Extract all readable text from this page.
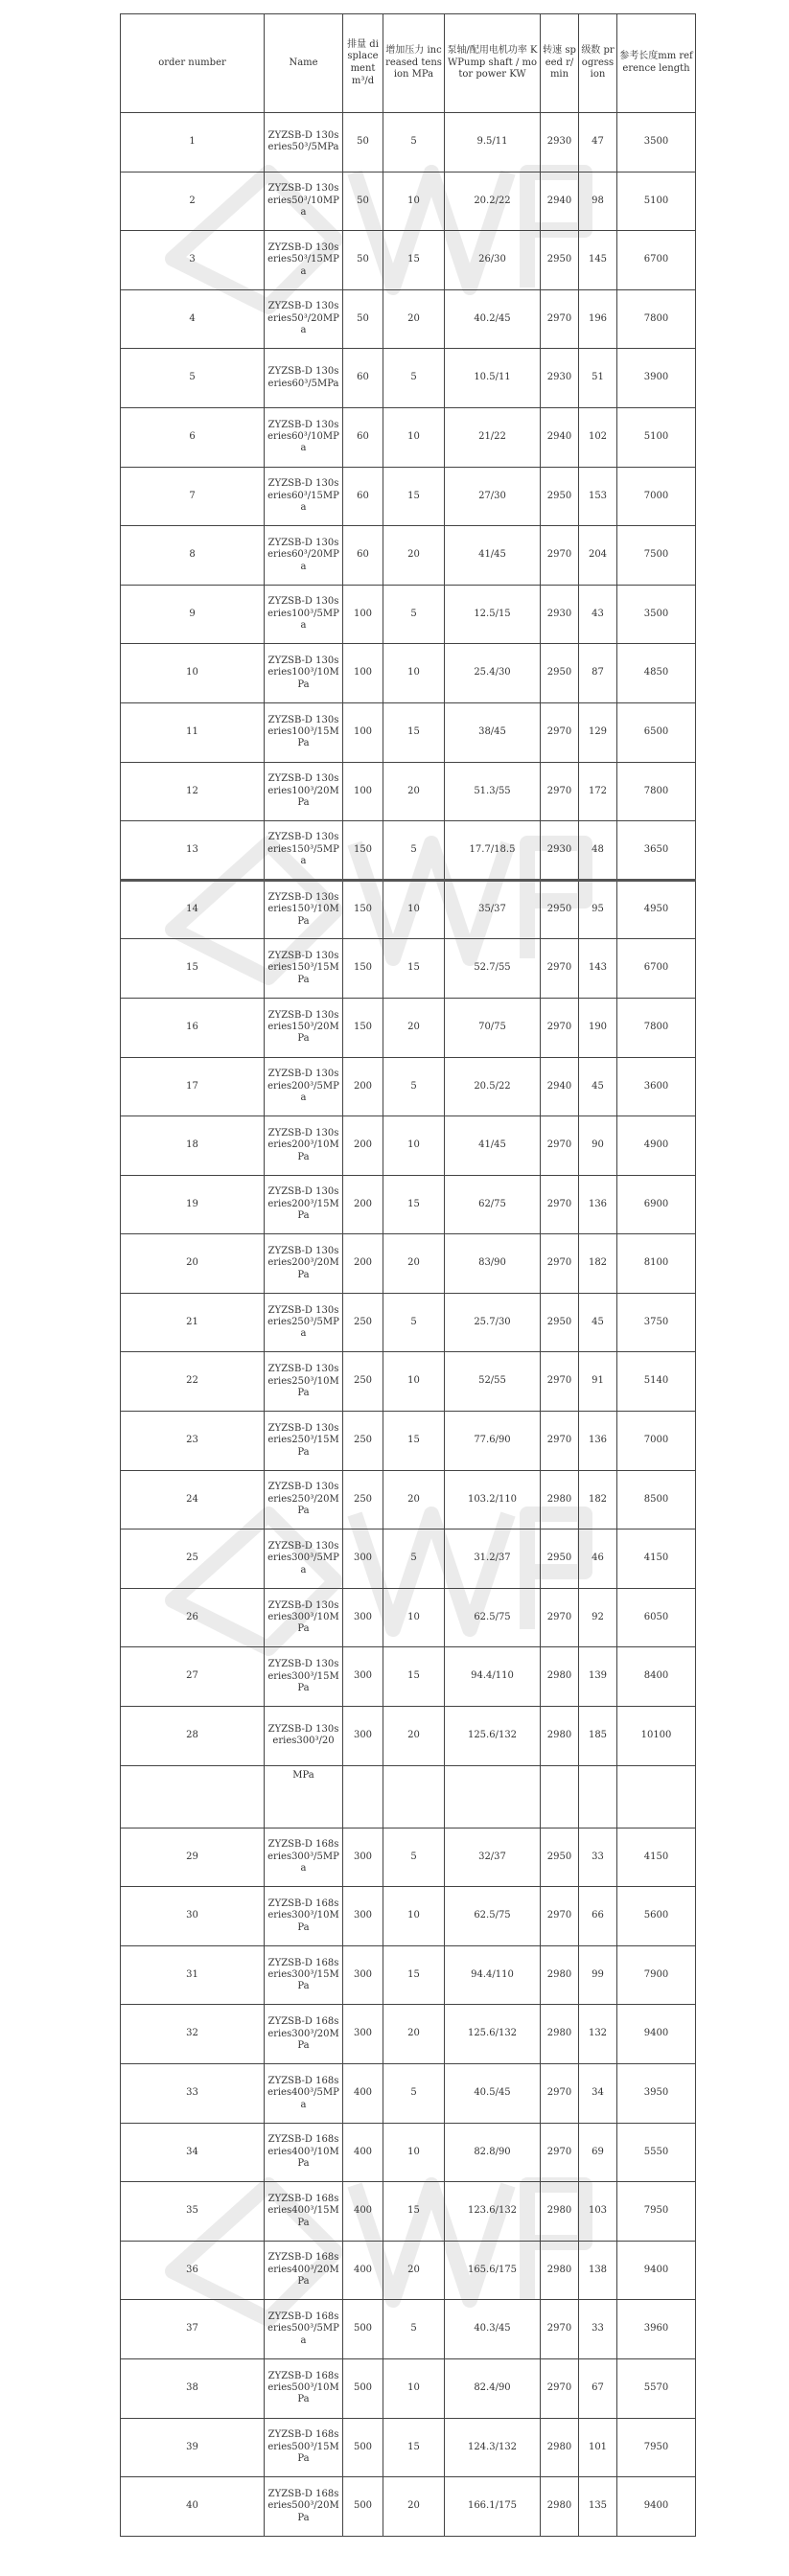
order number	Name	排量 displacement m³/d	增加压力 increased tension MPa	泵轴/配用电机功率 KWPump shaft / motor power KW	转速 speed r/min	级数 progression	参考长度mm reference length
1	ZYZSB-D 130series50³/5MPa	50	5	9.5/11	2930	47	3500
2	ZYZSB-D 130series50³/10MPa	50	10	20.2/22	2940	98	5100
3	ZYZSB-D 130series50³/15MPa	50	15	26/30	2950	145	6700
4	ZYZSB-D 130series50³/20MPa	50	20	40.2/45	2970	196	7800
5	ZYZSB-D 130series60³/5MPa	60	5	10.5/11	2930	51	3900
6	ZYZSB-D 130series60³/10MPa	60	10	21/22	2940	102	5100
7	ZYZSB-D 130series60³/15MPa	60	15	27/30	2950	153	7000
8	ZYZSB-D 130series60³/20MPa	60	20	41/45	2970	204	7500
9	ZYZSB-D 130series100³/5MPa	100	5	12.5/15	2930	43	3500
10	ZYZSB-D 130series100³/10MPa	100	10	25.4/30	2950	87	4850
11	ZYZSB-D 130series100³/15MPa	100	15	38/45	2970	129	6500
12	ZYZSB-D 130series100³/20MPa	100	20	51.3/55	2970	172	7800
13	ZYZSB-D 130series150³/5MPa	150	5	17.7/18.5	2930	48	3650
14	ZYZSB-D 130series150³/10MPa	150	10	35/37	2950	95	4950
15	ZYZSB-D 130series150³/15MPa	150	15	52.7/55	2970	143	6700
16	ZYZSB-D 130series150³/20MPa	150	20	70/75	2970	190	7800
17	ZYZSB-D 130series200³/5MPa	200	5	20.5/22	2940	45	3600
18	ZYZSB-D 130series200³/10MPa	200	10	41/45	2970	90	4900
19	ZYZSB-D 130series200³/15MPa	200	15	62/75	2970	136	6900
20	ZYZSB-D 130series200³/20MPa	200	20	83/90	2970	182	8100
21	ZYZSB-D 130series250³/5MPa	250	5	25.7/30	2950	45	3750
22	ZYZSB-D 130series250³/10MPa	250	10	52/55	2970	91	5140
23	ZYZSB-D 130series250³/15MPa	250	15	77.6/90	2970	136	7000
24	ZYZSB-D 130series250³/20MPa	250	20	103.2/110	2980	182	8500
25	ZYZSB-D 130series300³/5MPa	300	5	31.2/37	2950	46	4150
26	ZYZSB-D 130series300³/10MPa	300	10	62.5/75	2970	92	6050
27	ZYZSB-D 130series300³/15MPa	300	15	94.4/110	2980	139	8400
28	ZYZSB-D 130series300³/20	300	20	125.6/132	2980	185	10100
	MPa						
29	ZYZSB-D 168series300³/5MPa	300	5	32/37	2950	33	4150
30	ZYZSB-D 168series300³/10MPa	300	10	62.5/75	2970	66	5600
31	ZYZSB-D 168series300³/15MPa	300	15	94.4/110	2980	99	7900
32	ZYZSB-D 168series300³/20MPa	300	20	125.6/132	2980	132	9400
33	ZYZSB-D 168series400³/5MPa	400	5	40.5/45	2970	34	3950
34	ZYZSB-D 168series400³/10MPa	400	10	82.8/90	2970	69	5550
35	ZYZSB-D 168series400³/15MPa	400	15	123.6/132	2980	103	7950
36	ZYZSB-D 168series400³/20MPa	400	20	165.6/175	2980	138	9400
37	ZYZSB-D 168series500³/5MPa	500	5	40.3/45	2970	33	3960
38	ZYZSB-D 168series500³/10MPa	500	10	82.4/90	2970	67	5570
39	ZYZSB-D 168series500³/15MPa	500	15	124.3/132	2980	101	7950
40	ZYZSB-D 168series500³/20MPa	500	20	166.1/175	2980	135	9400
